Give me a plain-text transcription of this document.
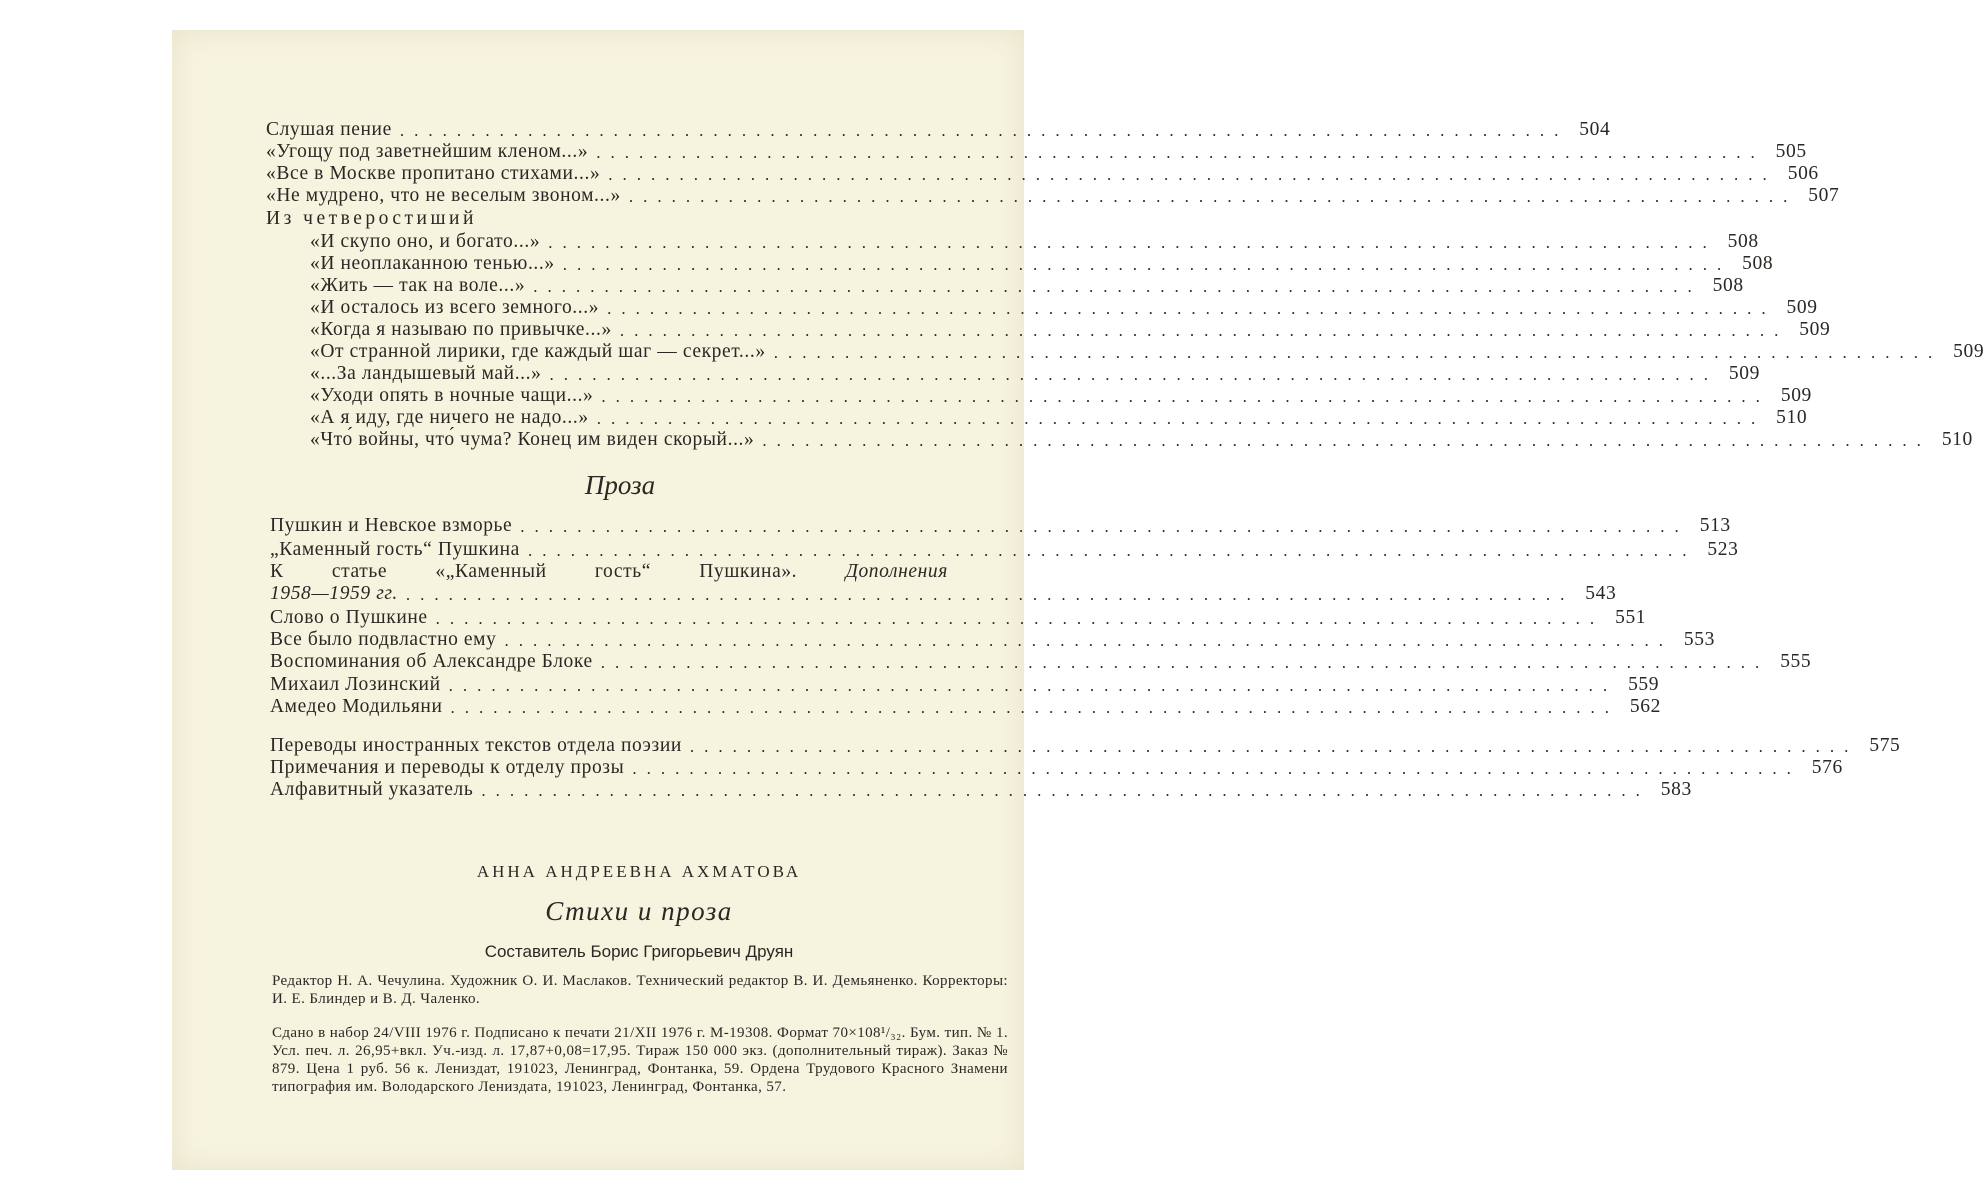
Слушая пение .................................................................................. 504
«Угощу под заветнейшим кленом...» .................................................................................. 505
«Все в Москве пропитано стихами...» .................................................................................. 506
«Не мудрено, что не веселым звоном...» .................................................................................. 507
Из четверостиший
«И скупо оно, и богато...» .................................................................................. 508
«И неоплаканною тенью...» .................................................................................. 508
«Жить — так на воле...» .................................................................................. 508
«И осталось из всего земного...» .................................................................................. 509
«Когда я называю по привычке...» .................................................................................. 509
«От странной лирики, где каждый шаг — секрет...» .................................................................................. 509
«...За ландышевый май...» .................................................................................. 509
«Уходи опять в ночные чащи...» .................................................................................. 509
«А я иду, где ничего не надо...» .................................................................................. 510
«Что́ войны, что́ чума? Конец им виден скорый...» .................................................................................. 510
Проза
Пушкин и Невское взморье .................................................................................. 513
„Каменный гость“ Пушкина .................................................................................. 523
К статье «„Каменный гость“ Пушкина». Дополнения
1958—1959 гг. .................................................................................. 543
Слово о Пушкине .................................................................................. 551
Все было подвластно ему .................................................................................. 553
Воспоминания об Александре Блоке .................................................................................. 555
Михаил Лозинский .................................................................................. 559
Амедео Модильяни .................................................................................. 562
Переводы иностранных текстов отдела поэзии .................................................................................. 575
Примечания и переводы к отделу прозы .................................................................................. 576
Алфавитный указатель .................................................................................. 583
АННА АНДРЕЕВНА АХМАТОВА
Стихи и проза
Составитель Борис Григорьевич Друян

Редактор Н. А. Чечулина. Художник О. И. Маслаков. Технический редактор В. И. Демьяненко. Корректоры: И. Е. Блиндер и В. Д. Чаленко.

Сдано в набор 24/VIII 1976 г. Подписано к печати 21/XII 1976 г. М-19308. Формат 70×108¹/₃₂. Бум. тип. № 1. Усл. печ. л. 26,95+вкл. Уч.-изд. л. 17,87+0,08=17,95. Тираж 150 000 экз. (дополнительный тираж). Заказ № 879. Цена 1 руб. 56 к. Лениздат, 191023, Ленинград, Фонтанка, 59. Ордена Трудового Красного Знамени типография им. Володарского Лениздата, 191023, Ленинград, Фонтанка, 57.
